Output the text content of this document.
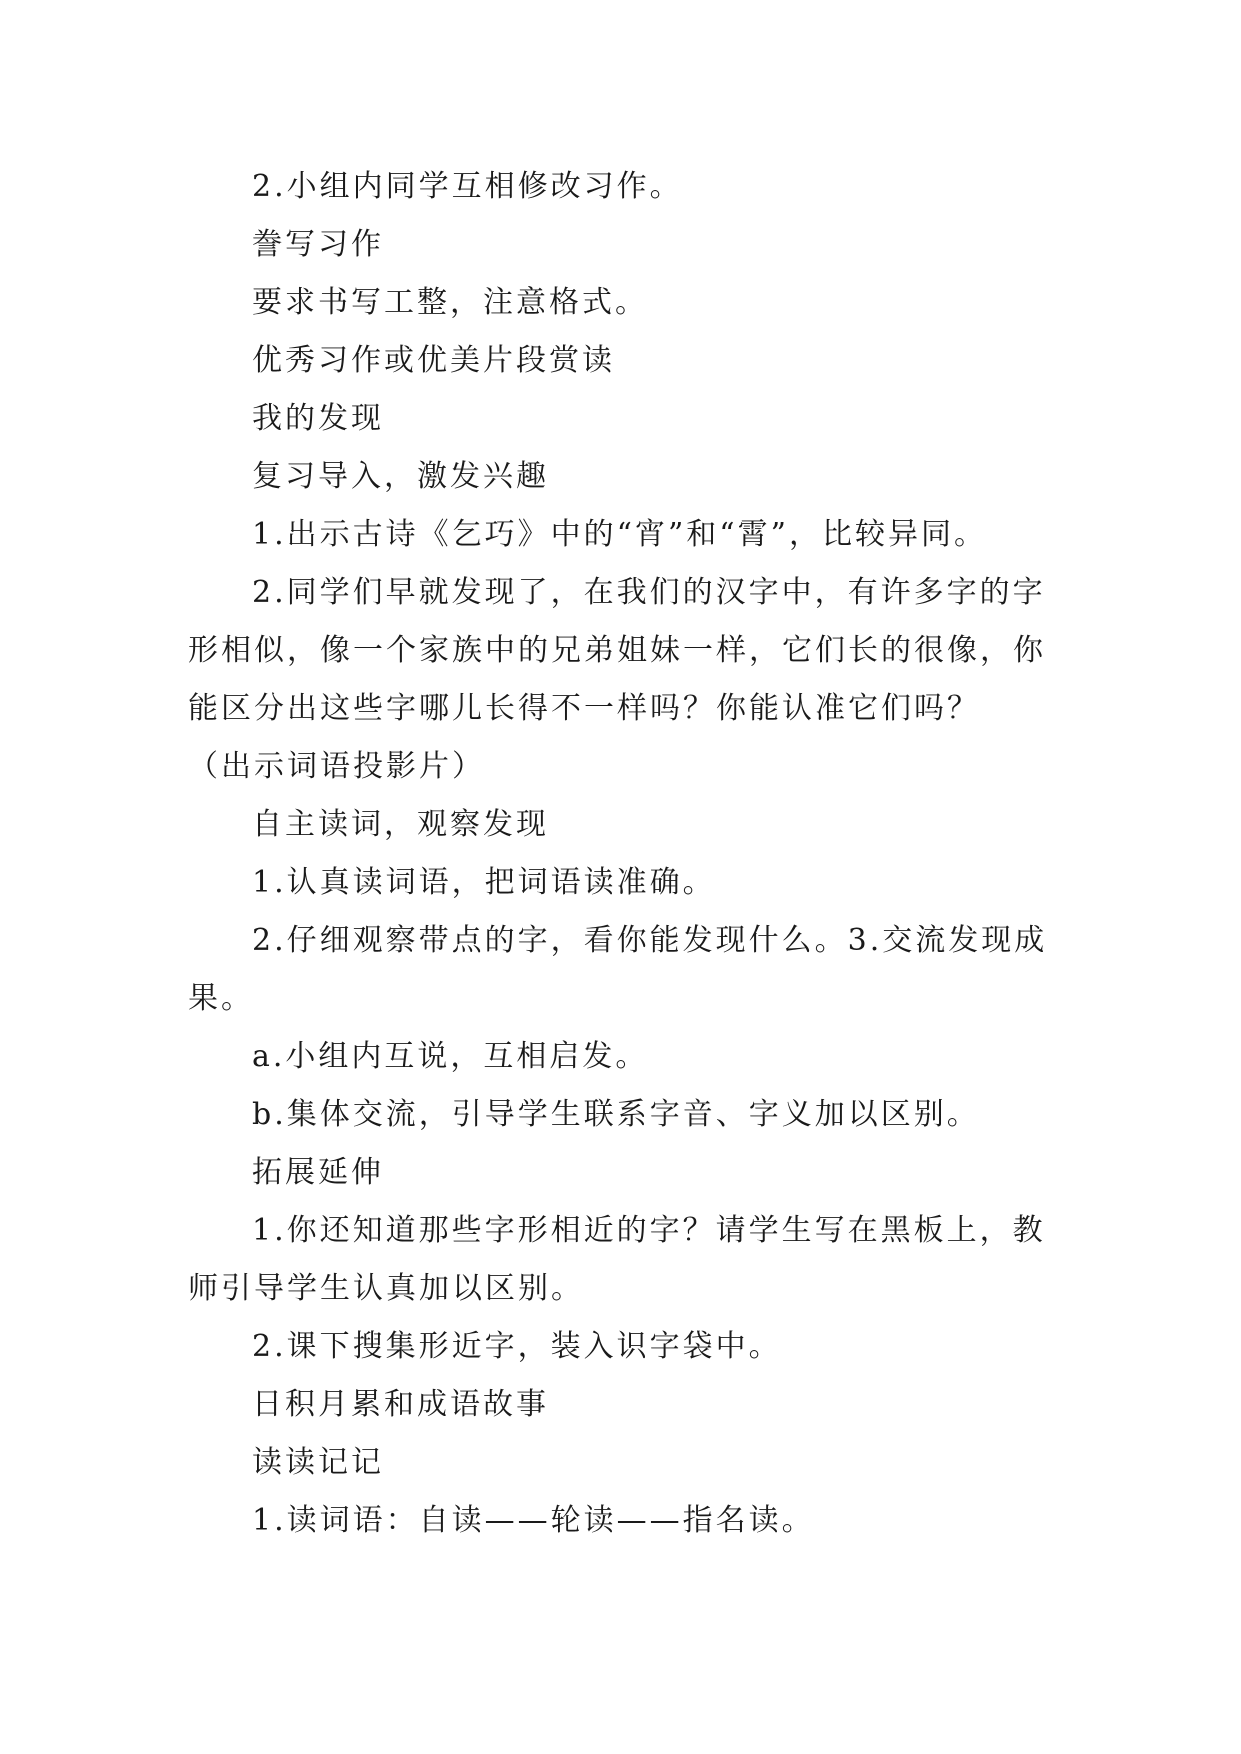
2.小组内同学互相修改习作。

誊写习作

要求书写工整，注意格式。

优秀习作或优美片段赏读

我的发现

复习导入，激发兴趣

1.出示古诗《乞巧》中的“宵”和“霄”，比较异同。

2.同学们早就发现了，在我们的汉字中，有许多字的字形相似，像一个家族中的兄弟姐妹一样，它们长的很像，你能区分出这些字哪儿长得不一样吗？你能认准它们吗？

（出示词语投影片）

自主读词，观察发现

1.认真读词语，把词语读准确。

2.仔细观察带点的字，看你能发现什么。3.交流发现成果。

a.小组内互说，互相启发。

b.集体交流，引导学生联系字音、字义加以区别。

拓展延伸

1.你还知道那些字形相近的字？请学生写在黑板上，教师引导学生认真加以区别。

2.课下搜集形近字，装入识字袋中。

日积月累和成语故事

读读记记

1.读词语：自读——轮读——指名读。
